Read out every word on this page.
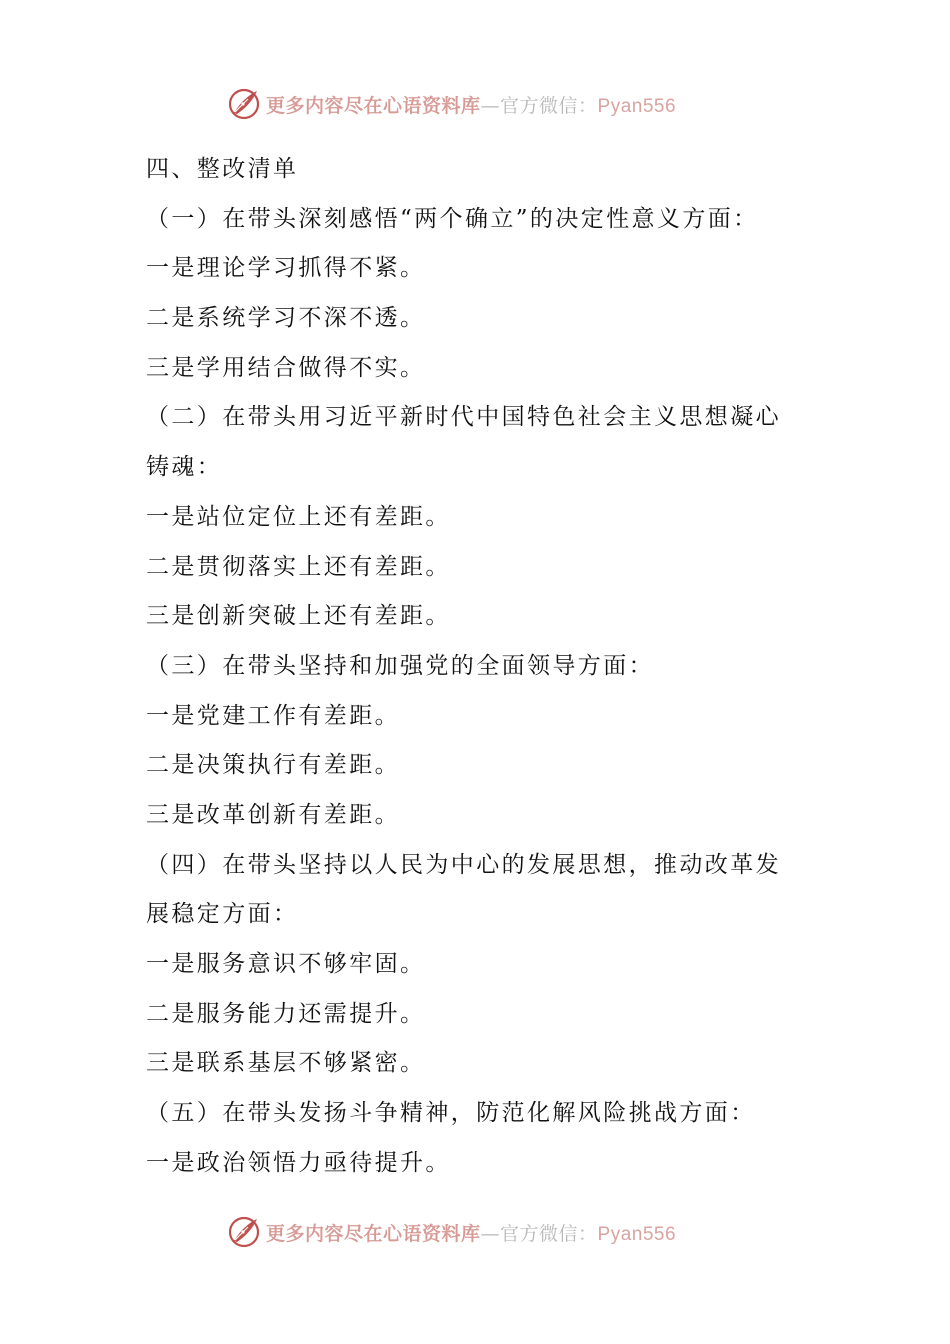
更多内容尽在心语资料库—官方微信：Pyan556
四、整改清单
（一）在带头深刻感悟“两个确立”的决定性意义方面：
一是理论学习抓得不紧。
二是系统学习不深不透。
三是学用结合做得不实。
（二）在带头用习近平新时代中国特色社会主义思想凝心
铸魂：
一是站位定位上还有差距。
二是贯彻落实上还有差距。
三是创新突破上还有差距。
（三）在带头坚持和加强党的全面领导方面：
一是党建工作有差距。
二是决策执行有差距。
三是改革创新有差距。
（四）在带头坚持以人民为中心的发展思想，推动改革发
展稳定方面：
一是服务意识不够牢固。
二是服务能力还需提升。
三是联系基层不够紧密。
（五）在带头发扬斗争精神，防范化解风险挑战方面：
一是政治领悟力亟待提升。
更多内容尽在心语资料库—官方微信：Pyan556
